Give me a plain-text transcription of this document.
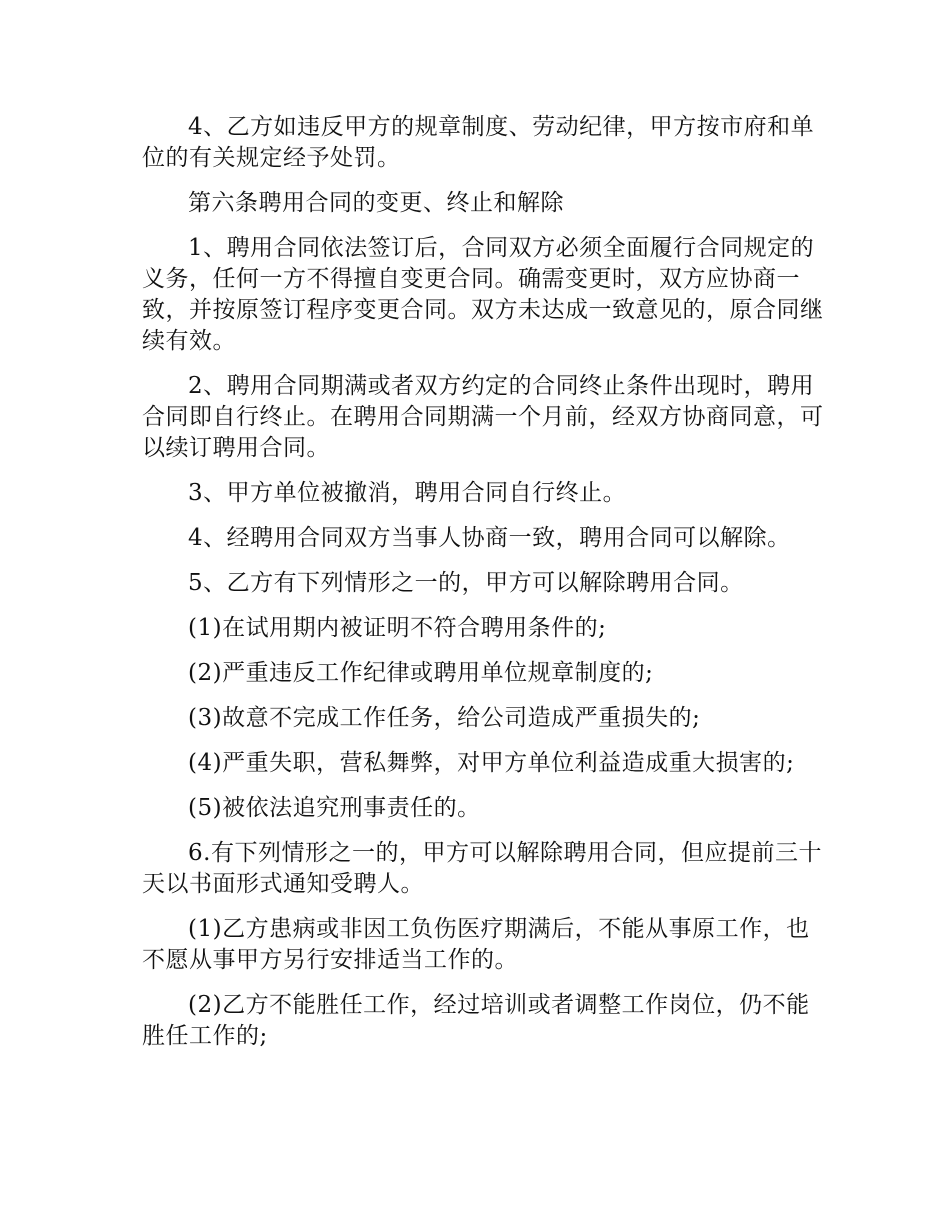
4、乙方如违反甲方的规章制度、劳动纪律，甲方按市府和单位的有关规定经予处罚。

第六条聘用合同的变更、终止和解除

1、聘用合同依法签订后，合同双方必须全面履行合同规定的义务，任何一方不得擅自变更合同。确需变更时，双方应协商一致，并按原签订程序变更合同。双方未达成一致意见的，原合同继续有效。

2、聘用合同期满或者双方约定的合同终止条件出现时，聘用合同即自行终止。在聘用合同期满一个月前，经双方协商同意，可以续订聘用合同。

3、甲方单位被撤消，聘用合同自行终止。

4、经聘用合同双方当事人协商一致，聘用合同可以解除。

5、乙方有下列情形之一的，甲方可以解除聘用合同。

(1)在试用期内被证明不符合聘用条件的;

(2)严重违反工作纪律或聘用单位规章制度的;

(3)故意不完成工作任务，给公司造成严重损失的;

(4)严重失职，营私舞弊，对甲方单位利益造成重大损害的;

(5)被依法追究刑事责任的。

6.有下列情形之一的，甲方可以解除聘用合同，但应提前三十天以书面形式通知受聘人。

(1)乙方患病或非因工负伤医疗期满后，不能从事原工作，也不愿从事甲方另行安排适当工作的。

(2)乙方不能胜任工作，经过培训或者调整工作岗位，仍不能胜任工作的;
